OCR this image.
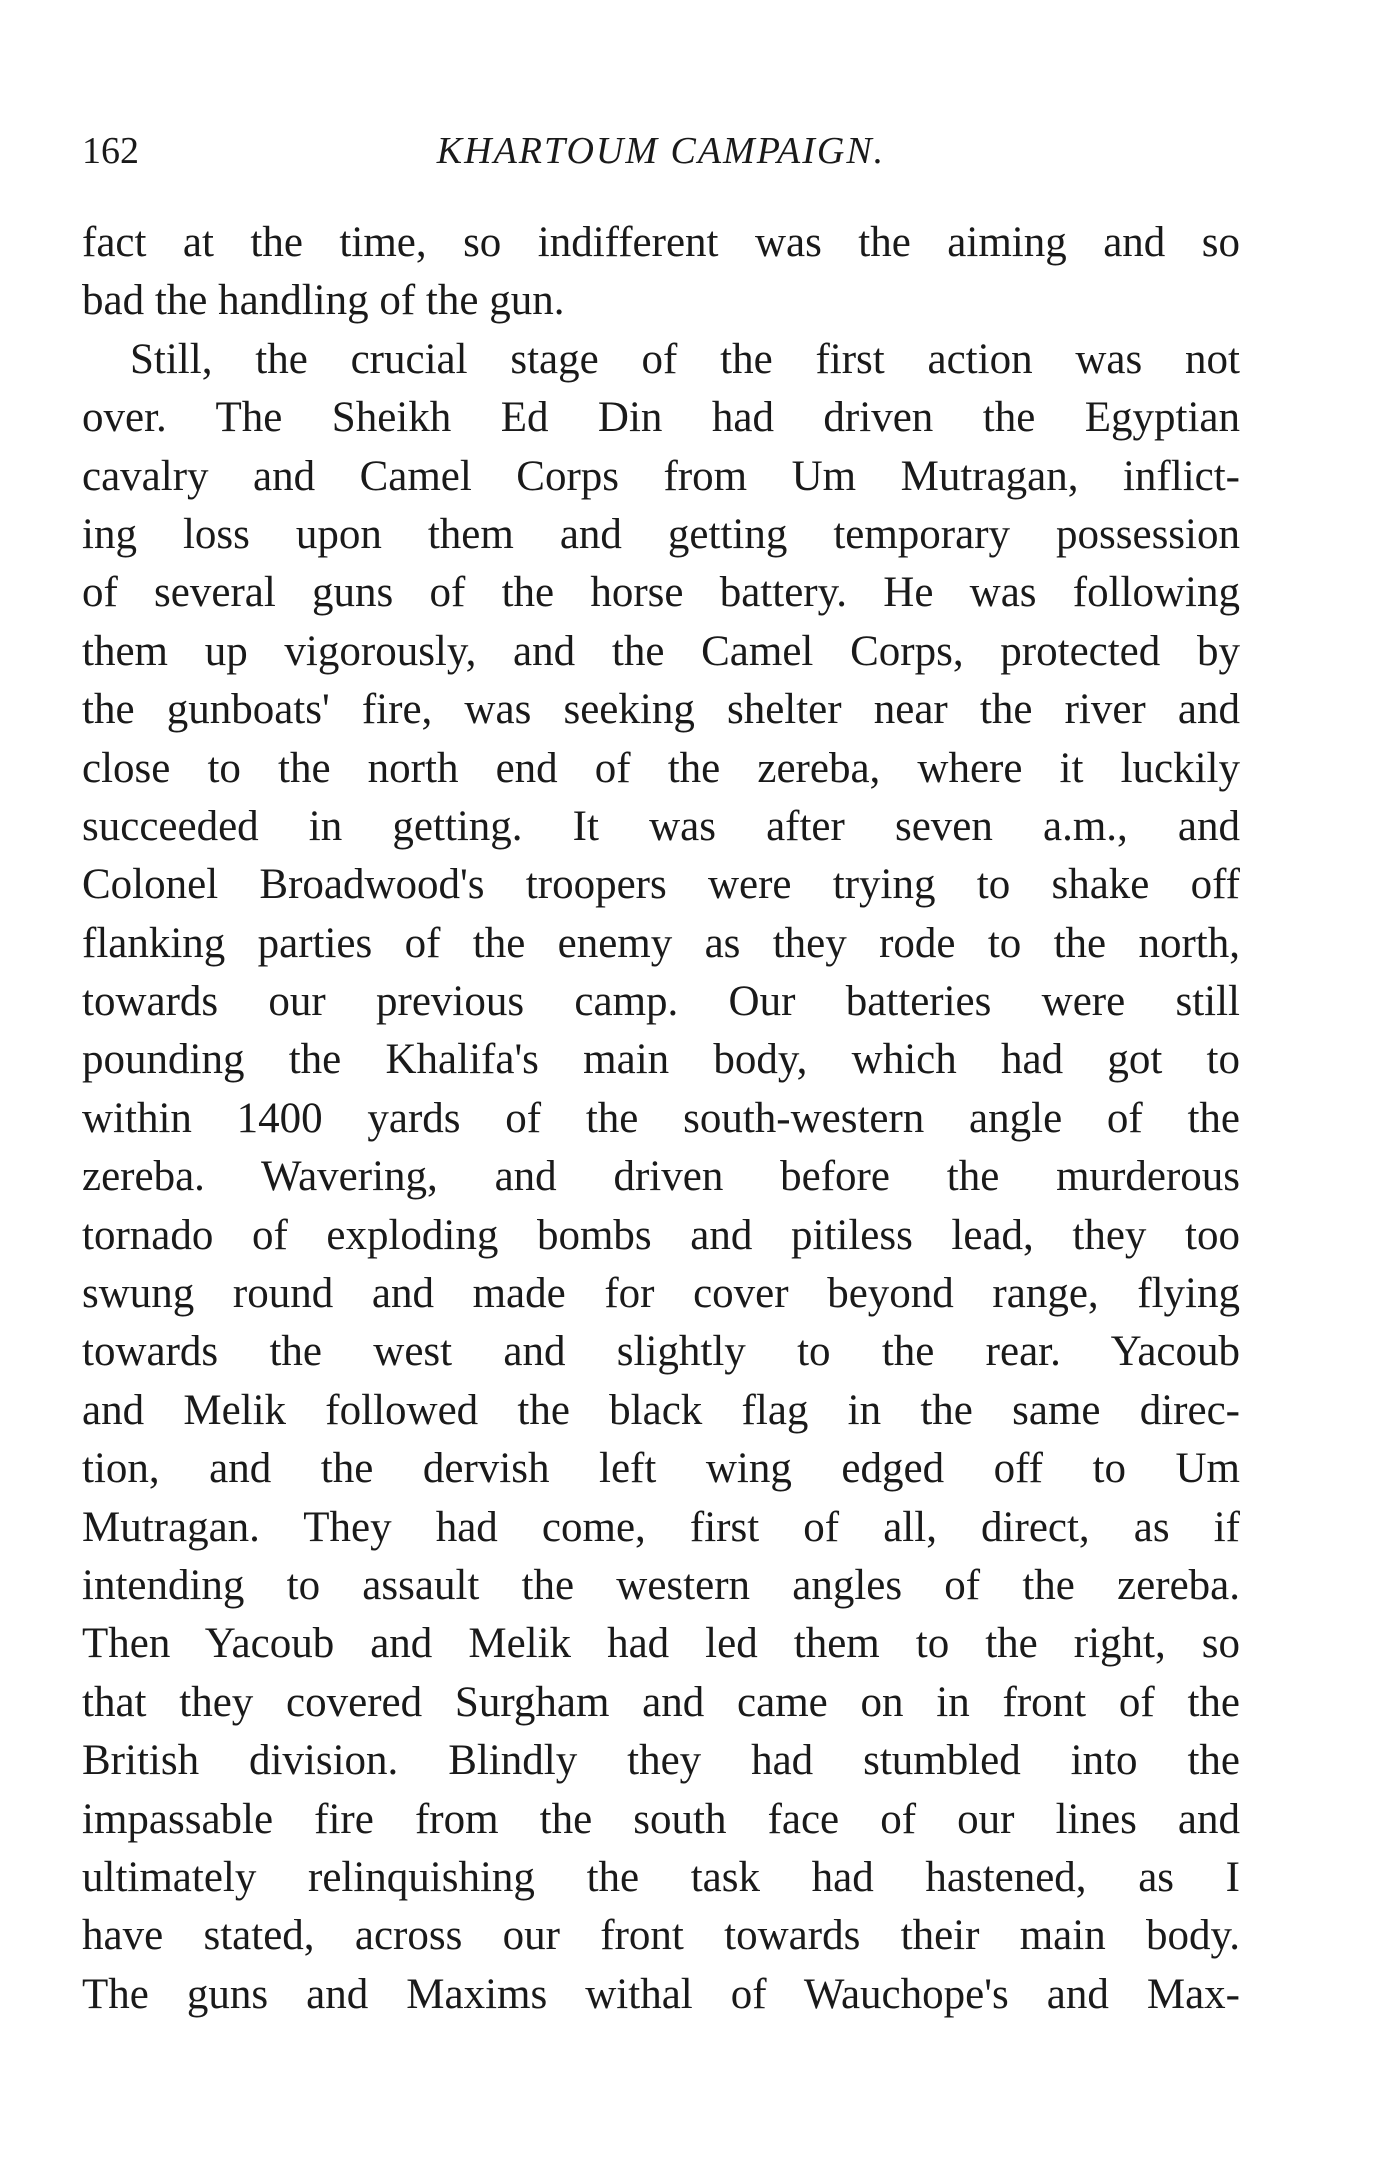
162	KHARTOUM CAMPAIGN.
fact at the time, so indifferent was the aiming and so
bad the handling of the gun.
Still, the crucial stage of the first action was not
over. The Sheikh Ed Din had driven the Egyptian
cavalry and Camel Corps from Um Mutragan, inflict-
ing loss upon them and getting temporary possession
of several guns of the horse battery. He was following
them up vigorously, and the Camel Corps, protected by
the gunboats' fire, was seeking shelter near the river and
close to the north end of the zereba, where it luckily
succeeded in getting. It was after seven a.m., and
Colonel Broadwood's troopers were trying to shake off
flanking parties of the enemy as they rode to the north,
towards our previous camp. Our batteries were still
pounding the Khalifa's main body, which had got to
within 1400 yards of the south-western angle of the
zereba. Wavering, and driven before the murderous
tornado of exploding bombs and pitiless lead, they too
swung round and made for cover beyond range, flying
towards the west and slightly to the rear. Yacoub
and Melik followed the black flag in the same direc-
tion, and the dervish left wing edged off to Um
Mutragan. They had come, first of all, direct, as if
intending to assault the western angles of the zereba.
Then Yacoub and Melik had led them to the right, so
that they covered Surgham and came on in front of the
British division. Blindly they had stumbled into the
impassable fire from the south face of our lines and
ultimately relinquishing the task had hastened, as I
have stated, across our front towards their main body.
The guns and Maxims withal of Wauchope's and Max-
